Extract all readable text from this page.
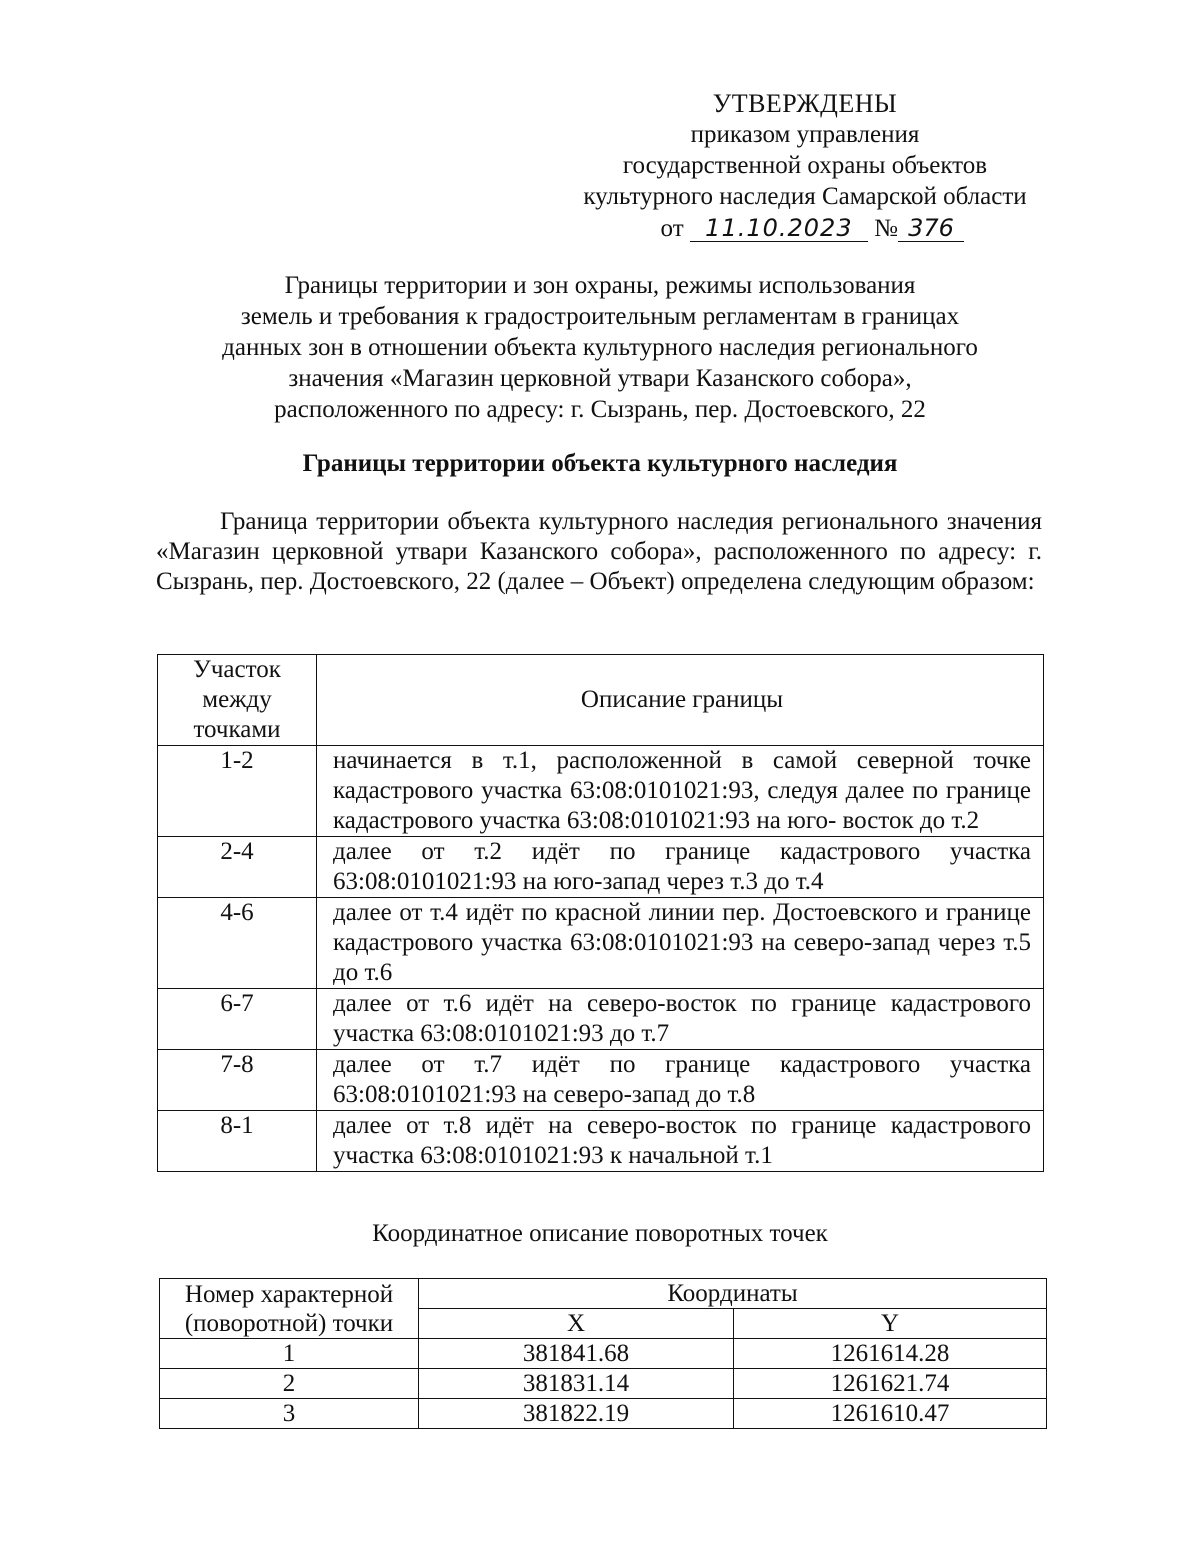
УТВЕРЖДЕНЫ
приказом управления
государственной охраны объектов
культурного наследия Самарской области
от 11.10.2023 № 376
Границы территории и зон охраны, режимы использования
земель и требования к градостроительным регламентам в границах
данных зон в отношении объекта культурного наследия регионального
значения «Магазин церковной утвари Казанского собора»,
расположенного по адресу: г. Сызрань, пер. Достоевского, 22
Границы территории объекта культурного наследия
Граница территории объекта культурного наследия регионального значения «Магазин церковной утвари Казанского собора», расположенного по адресу: г. Сызрань, пер. Достоевского, 22 (далее – Объект) определена следующим образом:
Участок между точками	Описание границы
1-2	начинается в т.1, расположенной в самой северной точке кадастрового участка 63:08:0101021:93, следуя далее по границе кадастрового участка 63:08:0101021:93 на юго- восток до т.2
2-4	далее от т.2 идёт по границе кадастрового участка 63:08:0101021:93 на юго-запад через т.3 до т.4
4-6	далее от т.4 идёт по красной линии пер. Достоевского и границе кадастрового участка 63:08:0101021:93 на северо-запад через т.5 до т.6
6-7	далее от т.6 идёт на северо-восток по границе кадастрового участка 63:08:0101021:93 до т.7
7-8	далее от т.7 идёт по границе кадастрового участка 63:08:0101021:93 на северо-запад до т.8
8-1	далее от т.8 идёт на северо-восток по границе кадастрового участка 63:08:0101021:93 к начальной т.1
Координатное описание поворотных точек
Номер характерной
(поворотной) точки	Координаты	
	X	Y
1	381841.68	1261614.28
2	381831.14	1261621.74
3	381822.19	1261610.47
